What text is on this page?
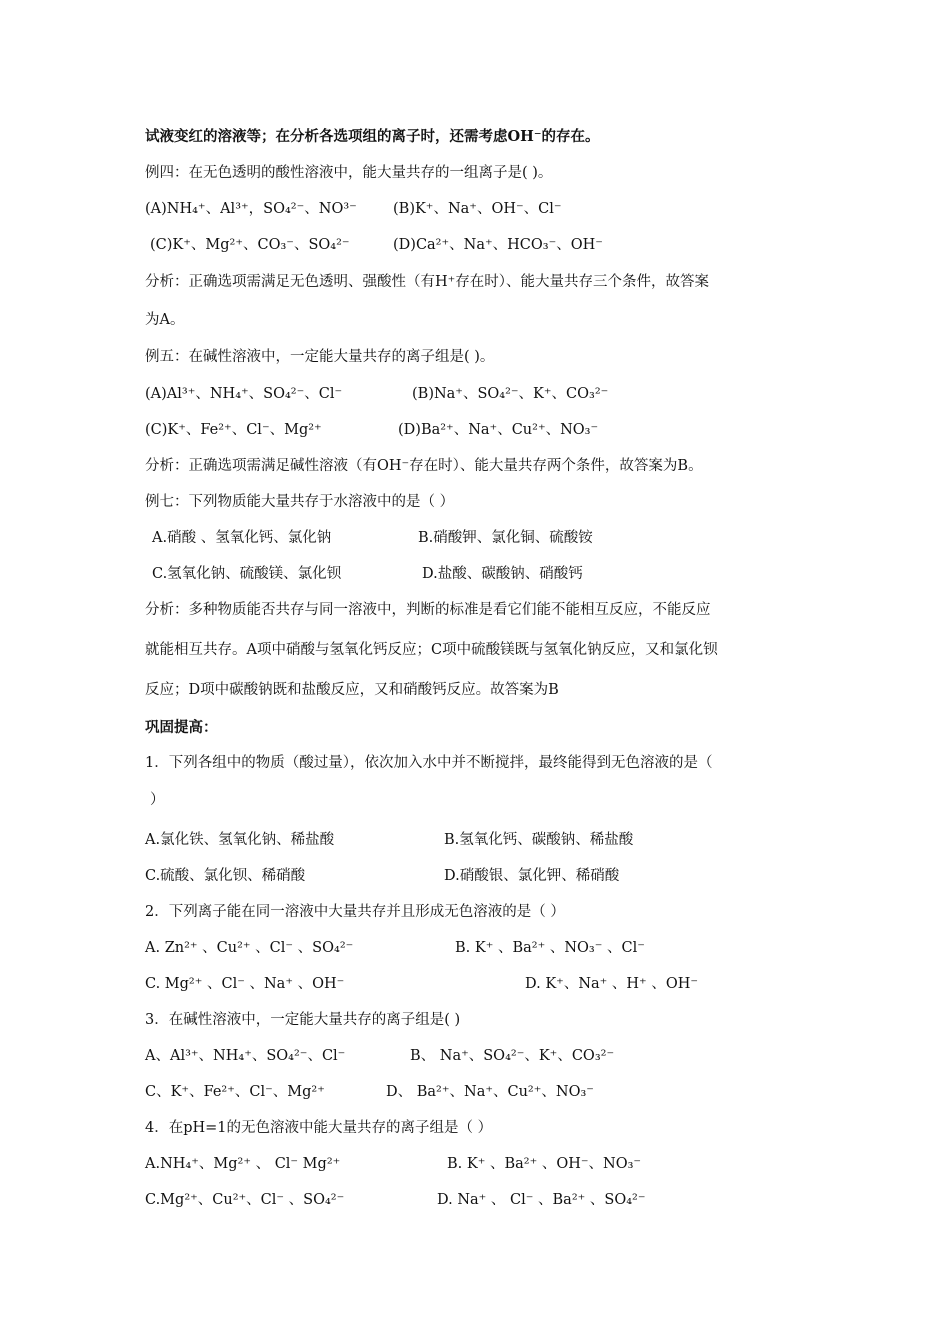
试液变红的溶液等；在分析各选项组的离子时，还需考虑OH⁻的存在。
例四：在无色透明的酸性溶液中，能大量共存的一组离子是( )。
(A)NH₄⁺、Al³⁺，SO₄²⁻、NO³⁻ (B)K⁺、Na⁺、OH⁻、Cl⁻
(C)K⁺、Mg²⁺、CO₃⁻、SO₄²⁻	(D)Ca²⁺、Na⁺、HCO₃⁻、OH⁻
分析：正确选项需满足无色透明、强酸性（有H⁺存在时）、能大量共存三个条件，故答案
为A。
例五：在碱性溶液中，一定能大量共存的离子组是( )。
(A)Al³⁺、NH₄⁺、SO₄²⁻、Cl⁻	(B)Na⁺、SO₄²⁻、K⁺、CO₃²⁻
(C)K⁺、Fe²⁺、Cl⁻、Mg²⁺	(D)Ba²⁺、Na⁺、Cu²⁺、NO₃⁻
分析：正确选项需满足碱性溶液（有OH⁻存在时）、能大量共存两个条件，故答案为B。
例七：下列物质能大量共存于水溶液中的是（ ）
A.硝酸 、氢氧化钙、氯化钠	B.硝酸钾、氯化铜、硫酸铵
C.氢氧化钠、硫酸镁、氯化钡	D.盐酸、碳酸钠、硝酸钙
分析：多种物质能否共存与同一溶液中，判断的标准是看它们能不能相互反应，不能反应
就能相互共存。A项中硝酸与氢氧化钙反应；C项中硫酸镁既与氢氧化钠反应，又和氯化钡
反应；D项中碳酸钠既和盐酸反应，又和硝酸钙反应。故答案为B
巩固提高：
1．下列各组中的物质（酸过量），依次加入水中并不断搅拌，最终能得到无色溶液的是（
）
A.氯化铁、氢氧化钠、稀盐酸	B.氢氧化钙、碳酸钠、稀盐酸
C.硫酸、氯化钡、稀硝酸	D.硝酸银、氯化钾、稀硝酸
2．下列离子能在同一溶液中大量共存并且形成无色溶液的是（ ）
A. Zn²⁺ 、Cu²⁺ 、Cl⁻ 、SO₄²⁻	B. K⁺ 、Ba²⁺ 、NO₃⁻ 、Cl⁻
C. Mg²⁺ 、Cl⁻ 、Na⁺ 、OH⁻	D. K⁺、Na⁺ 、H⁺ 、OH⁻
3．在碱性溶液中，一定能大量共存的离子组是( )
A、Al³⁺、NH₄⁺、SO₄²⁻、Cl⁻	B、 Na⁺、SO₄²⁻、K⁺、CO₃²⁻
C、K⁺、Fe²⁺、Cl⁻、Mg²⁺	D、 Ba²⁺、Na⁺、Cu²⁺、NO₃⁻
4．在pH=1的无色溶液中能大量共存的离子组是（ ）
A.NH₄⁺、Mg²⁺ 、 Cl⁻ Mg²⁺	B. K⁺ 、Ba²⁺ 、OH⁻、NO₃⁻
C.Mg²⁺、Cu²⁺、Cl⁻ 、SO₄²⁻	D. Na⁺ 、 Cl⁻ 、Ba²⁺ 、SO₄²⁻
